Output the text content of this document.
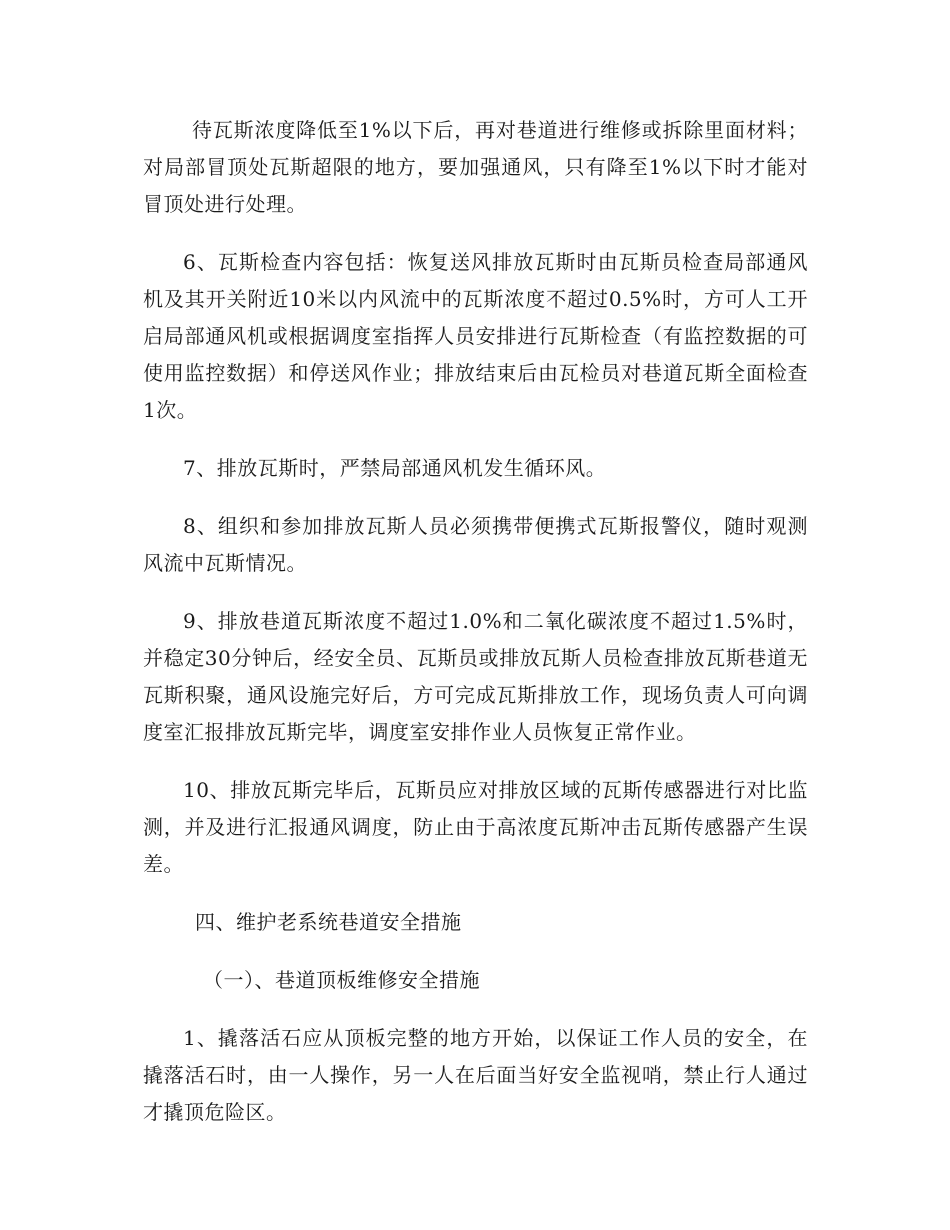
待瓦斯浓度降低至1%以下后，再对巷道进行维修或拆除里面材料；对局部冒顶处瓦斯超限的地方，要加强通风，只有降至1%以下时才能对冒顶处进行处理。

6、瓦斯检查内容包括：恢复送风排放瓦斯时由瓦斯员检查局部通风机及其开关附近10米以内风流中的瓦斯浓度不超过0.5%时，方可人工开启局部通风机或根据调度室指挥人员安排进行瓦斯检查（有监控数据的可使用监控数据）和停送风作业；排放结束后由瓦检员对巷道瓦斯全面检查1次。

7、排放瓦斯时，严禁局部通风机发生循环风。

8、组织和参加排放瓦斯人员必须携带便携式瓦斯报警仪，随时观测风流中瓦斯情况。

9、排放巷道瓦斯浓度不超过1.0%和二氧化碳浓度不超过1.5%时，并稳定30分钟后，经安全员、瓦斯员或排放瓦斯人员检查排放瓦斯巷道无瓦斯积聚，通风设施完好后，方可完成瓦斯排放工作，现场负责人可向调度室汇报排放瓦斯完毕，调度室安排作业人员恢复正常作业。

10、排放瓦斯完毕后，瓦斯员应对排放区域的瓦斯传感器进行对比监测，并及进行汇报通风调度，防止由于高浓度瓦斯冲击瓦斯传感器产生误差。

四、维护老系统巷道安全措施

（一）、巷道顶板维修安全措施

1、撬落活石应从顶板完整的地方开始，以保证工作人员的安全，在撬落活石时，由一人操作，另一人在后面当好安全监视哨，禁止行人通过才撬顶危险区。
